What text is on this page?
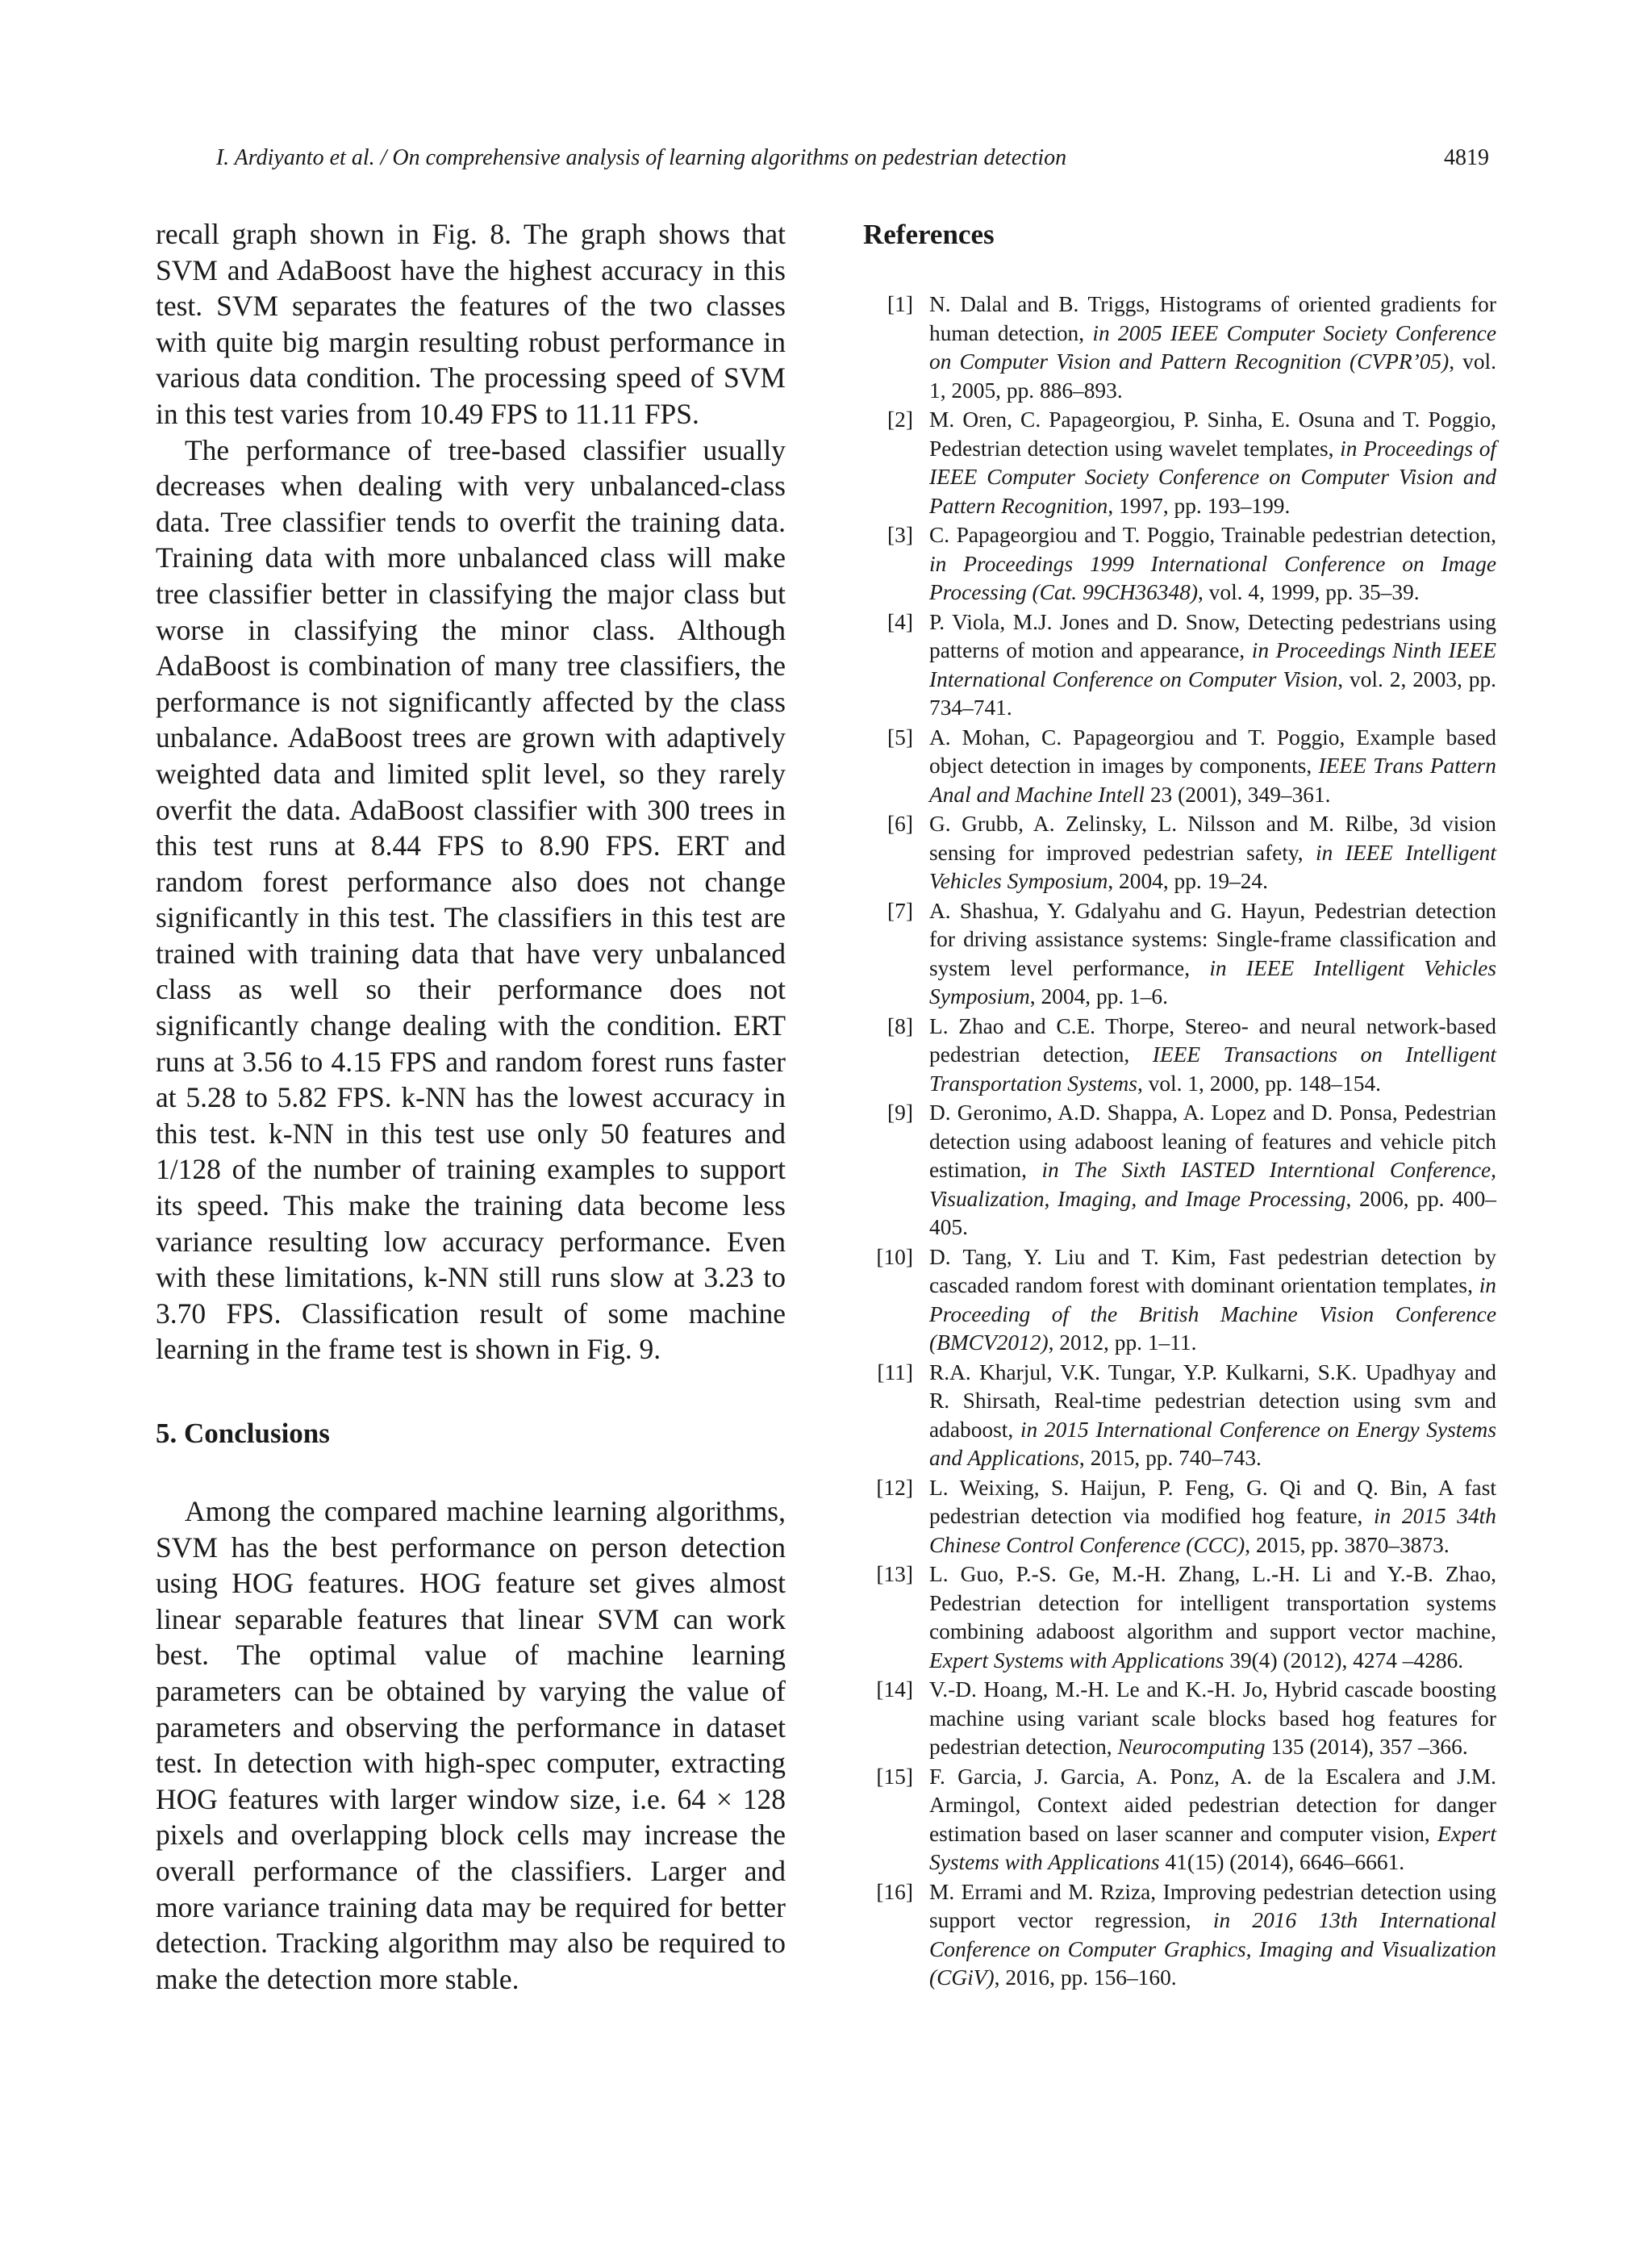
I. Ardiyanto et al. / On comprehensive analysis of learning algorithms on pedestrian detection	4819

recall graph shown in Fig. 8. The graph shows that SVM and AdaBoost have the highest accuracy in this test. SVM separates the features of the two classes with quite big margin resulting robust performance in various data condition. The processing speed of SVM in this test varies from 10.49 FPS to 11.11 FPS.

The performance of tree-based classifier usually decreases when dealing with very unbalanced-class data. Tree classifier tends to overfit the training data. Training data with more unbalanced class will make tree classifier better in classifying the major class but worse in classifying the minor class. Although AdaBoost is combination of many tree classifiers, the performance is not significantly affected by the class unbalance. AdaBoost trees are grown with adaptively weighted data and limited split level, so they rarely overfit the data. AdaBoost classifier with 300 trees in this test runs at 8.44 FPS to 8.90 FPS. ERT and random forest performance also does not change significantly in this test. The classifiers in this test are trained with training data that have very unbalanced class as well so their performance does not significantly change dealing with the condition. ERT runs at 3.56 to 4.15 FPS and random forest runs faster at 5.28 to 5.82 FPS. k-NN has the lowest accuracy in this test. k-NN in this test use only 50 features and 1/128 of the number of training examples to support its speed. This make the training data become less variance resulting low accuracy performance. Even with these limitations, k-NN still runs slow at 3.23 to 3.70 FPS. Classification result of some machine learning in the frame test is shown in Fig. 9.

5. Conclusions

Among the compared machine learning algorithms, SVM has the best performance on person detection using HOG features. HOG feature set gives almost linear separable features that linear SVM can work best. The optimal value of machine learning parameters can be obtained by varying the value of parameters and observing the performance in dataset test. In detection with high-spec computer, extracting HOG features with larger window size, i.e. 64 × 128 pixels and overlapping block cells may increase the overall performance of the classifiers. Larger and more variance training data may be required for better detection. Tracking algorithm may also be required to make the detection more stable.

References
[1] N. Dalal and B. Triggs, Histograms of oriented gradients for human detection, in 2005 IEEE Computer Society Conference on Computer Vision and Pattern Recognition (CVPR’05), vol. 1, 2005, pp. 886–893.
[2] M. Oren, C. Papageorgiou, P. Sinha, E. Osuna and T. Poggio, Pedestrian detection using wavelet templates, in Proceedings of IEEE Computer Society Conference on Computer Vision and Pattern Recognition, 1997, pp. 193–199.
[3] C. Papageorgiou and T. Poggio, Trainable pedestrian detection, in Proceedings 1999 International Conference on Image Processing (Cat. 99CH36348), vol. 4, 1999, pp. 35–39.
[4] P. Viola, M.J. Jones and D. Snow, Detecting pedestrians using patterns of motion and appearance, in Proceedings Ninth IEEE International Conference on Computer Vision, vol. 2, 2003, pp. 734–741.
[5] A. Mohan, C. Papageorgiou and T. Poggio, Example based object detection in images by components, IEEE Trans Pattern Anal and Machine Intell 23 (2001), 349–361.
[6] G. Grubb, A. Zelinsky, L. Nilsson and M. Rilbe, 3d vision sensing for improved pedestrian safety, in IEEE Intelligent Vehicles Symposium, 2004, pp. 19–24.
[7] A. Shashua, Y. Gdalyahu and G. Hayun, Pedestrian detection for driving assistance systems: Single-frame classification and system level performance, in IEEE Intelligent Vehicles Symposium, 2004, pp. 1–6.
[8] L. Zhao and C.E. Thorpe, Stereo- and neural network-based pedestrian detection, IEEE Transactions on Intelligent Transportation Systems, vol. 1, 2000, pp. 148–154.
[9] D. Geronimo, A.D. Shappa, A. Lopez and D. Ponsa, Pedestrian detection using adaboost leaning of features and vehicle pitch estimation, in The Sixth IASTED Interntional Conference, Visualization, Imaging, and Image Processing, 2006, pp. 400–405.
[10] D. Tang, Y. Liu and T. Kim, Fast pedestrian detection by cascaded random forest with dominant orientation templates, in Proceeding of the British Machine Vision Conference (BMCV2012), 2012, pp. 1–11.
[11] R.A. Kharjul, V.K. Tungar, Y.P. Kulkarni, S.K. Upadhyay and R. Shirsath, Real-time pedestrian detection using svm and adaboost, in 2015 International Conference on Energy Systems and Applications, 2015, pp. 740–743.
[12] L. Weixing, S. Haijun, P. Feng, G. Qi and Q. Bin, A fast pedestrian detection via modified hog feature, in 2015 34th Chinese Control Conference (CCC), 2015, pp. 3870–3873.
[13] L. Guo, P.-S. Ge, M.-H. Zhang, L.-H. Li and Y.-B. Zhao, Pedestrian detection for intelligent transportation systems combining adaboost algorithm and support vector machine, Expert Systems with Applications 39(4) (2012), 4274 –4286.
[14] V.-D. Hoang, M.-H. Le and K.-H. Jo, Hybrid cascade boosting machine using variant scale blocks based hog features for pedestrian detection, Neurocomputing 135 (2014), 357 –366.
[15] F. Garcia, J. Garcia, A. Ponz, A. de la Escalera and J.M. Armingol, Context aided pedestrian detection for danger estimation based on laser scanner and computer vision, Expert Systems with Applications 41(15) (2014), 6646–6661.
[16] M. Errami and M. Rziza, Improving pedestrian detection using support vector regression, in 2016 13th International Conference on Computer Graphics, Imaging and Visualization (CGiV), 2016, pp. 156–160.
